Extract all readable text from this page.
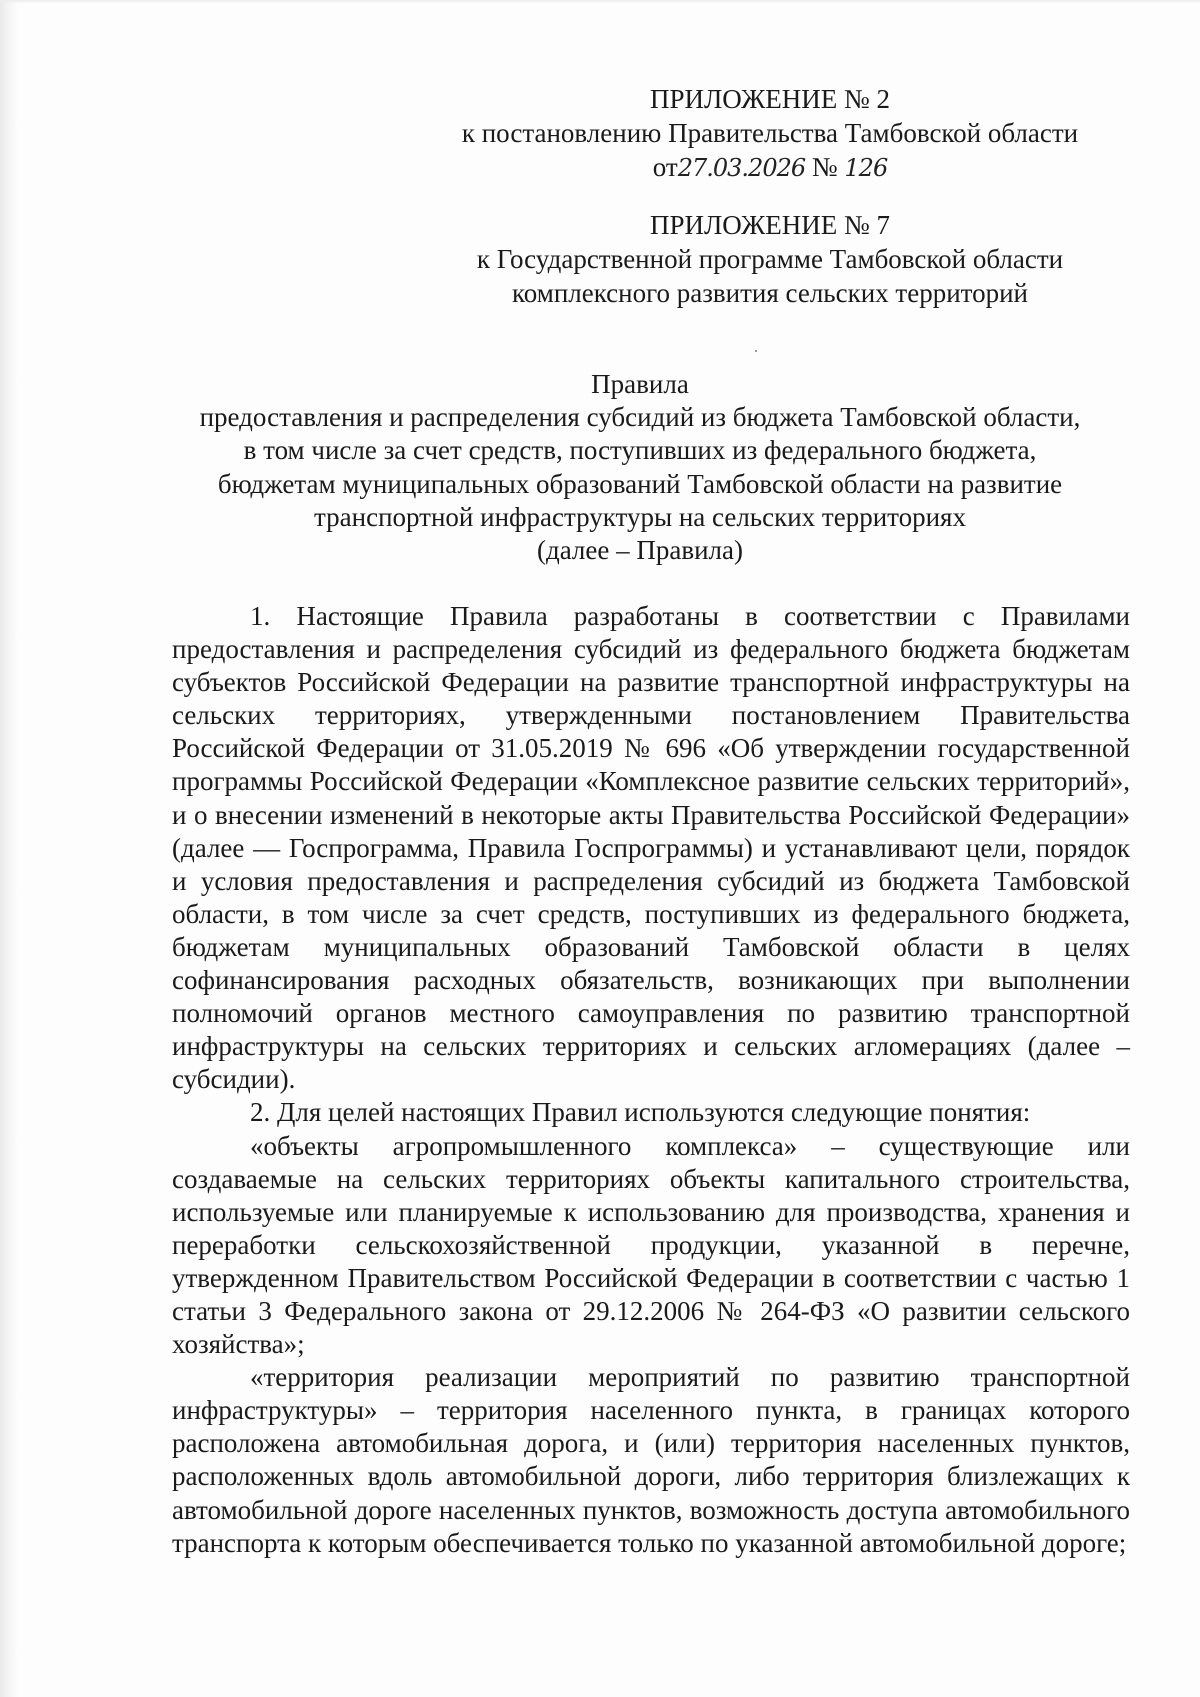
ПРИЛОЖЕНИЕ № 2
к постановлению Правительства Тамбовской области
от27.03.2026 № 126
ПРИЛОЖЕНИЕ № 7
к Государственной программе Тамбовской области
комплексного развития сельских территорий
Правила
предоставления и распределения субсидий из бюджета Тамбовской области,
в том числе за счет средств, поступивших из федерального бюджета,
бюджетам муниципальных образований Тамбовской области на развитие
транспортной инфраструктуры на сельских территориях
(далее – Правила)

1. Настоящие Правила разработаны в соответствии с Правилами предоставления и распределения субсидий из федерального бюджета бюджетам субъектов Российской Федерации на развитие транспортной инфраструктуры на сельских территориях, утвержденными постановлением Правительства Российской Федерации от 31.05.2019 № 696 «Об утверждении государственной программы Российской Федерации «Комплексное развитие сельских территорий», и о внесении изменений в некоторые акты Правительства Российской Федерации» (далее — Госпрограмма, Правила Госпрограммы) и устанавливают цели, порядок и условия предоставления и распределения субсидий из бюджета Тамбовской области, в том числе за счет средств, поступивших из федерального бюджета, бюджетам муниципальных образований Тамбовской области в целях софинансирования расходных обязательств, возникающих при выполнении полномочий органов местного самоуправления по развитию транспортной инфраструктуры на сельских территориях и сельских агломерациях (далее – субсидии).

2. Для целей настоящих Правил используются следующие понятия:

«объекты агропромышленного комплекса» – существующие или создаваемые на сельских территориях объекты капитального строительства, используемые или планируемые к использованию для производства, хранения и переработки сельскохозяйственной продукции, указанной в перечне, утвержденном Правительством Российской Федерации в соответствии с частью 1 статьи 3 Федерального закона от 29.12.2006 № 264-ФЗ «О развитии сельского хозяйства»;

«территория реализации мероприятий по развитию транспортной инфраструктуры» – территория населенного пункта, в границах которого расположена автомобильная дорога, и (или) территория населенных пунктов, расположенных вдоль автомобильной дороги, либо территория близлежащих к автомобильной дороге населенных пунктов, возможность доступа автомобильного транспорта к которым обеспечивается только по указанной автомобильной дороге;
